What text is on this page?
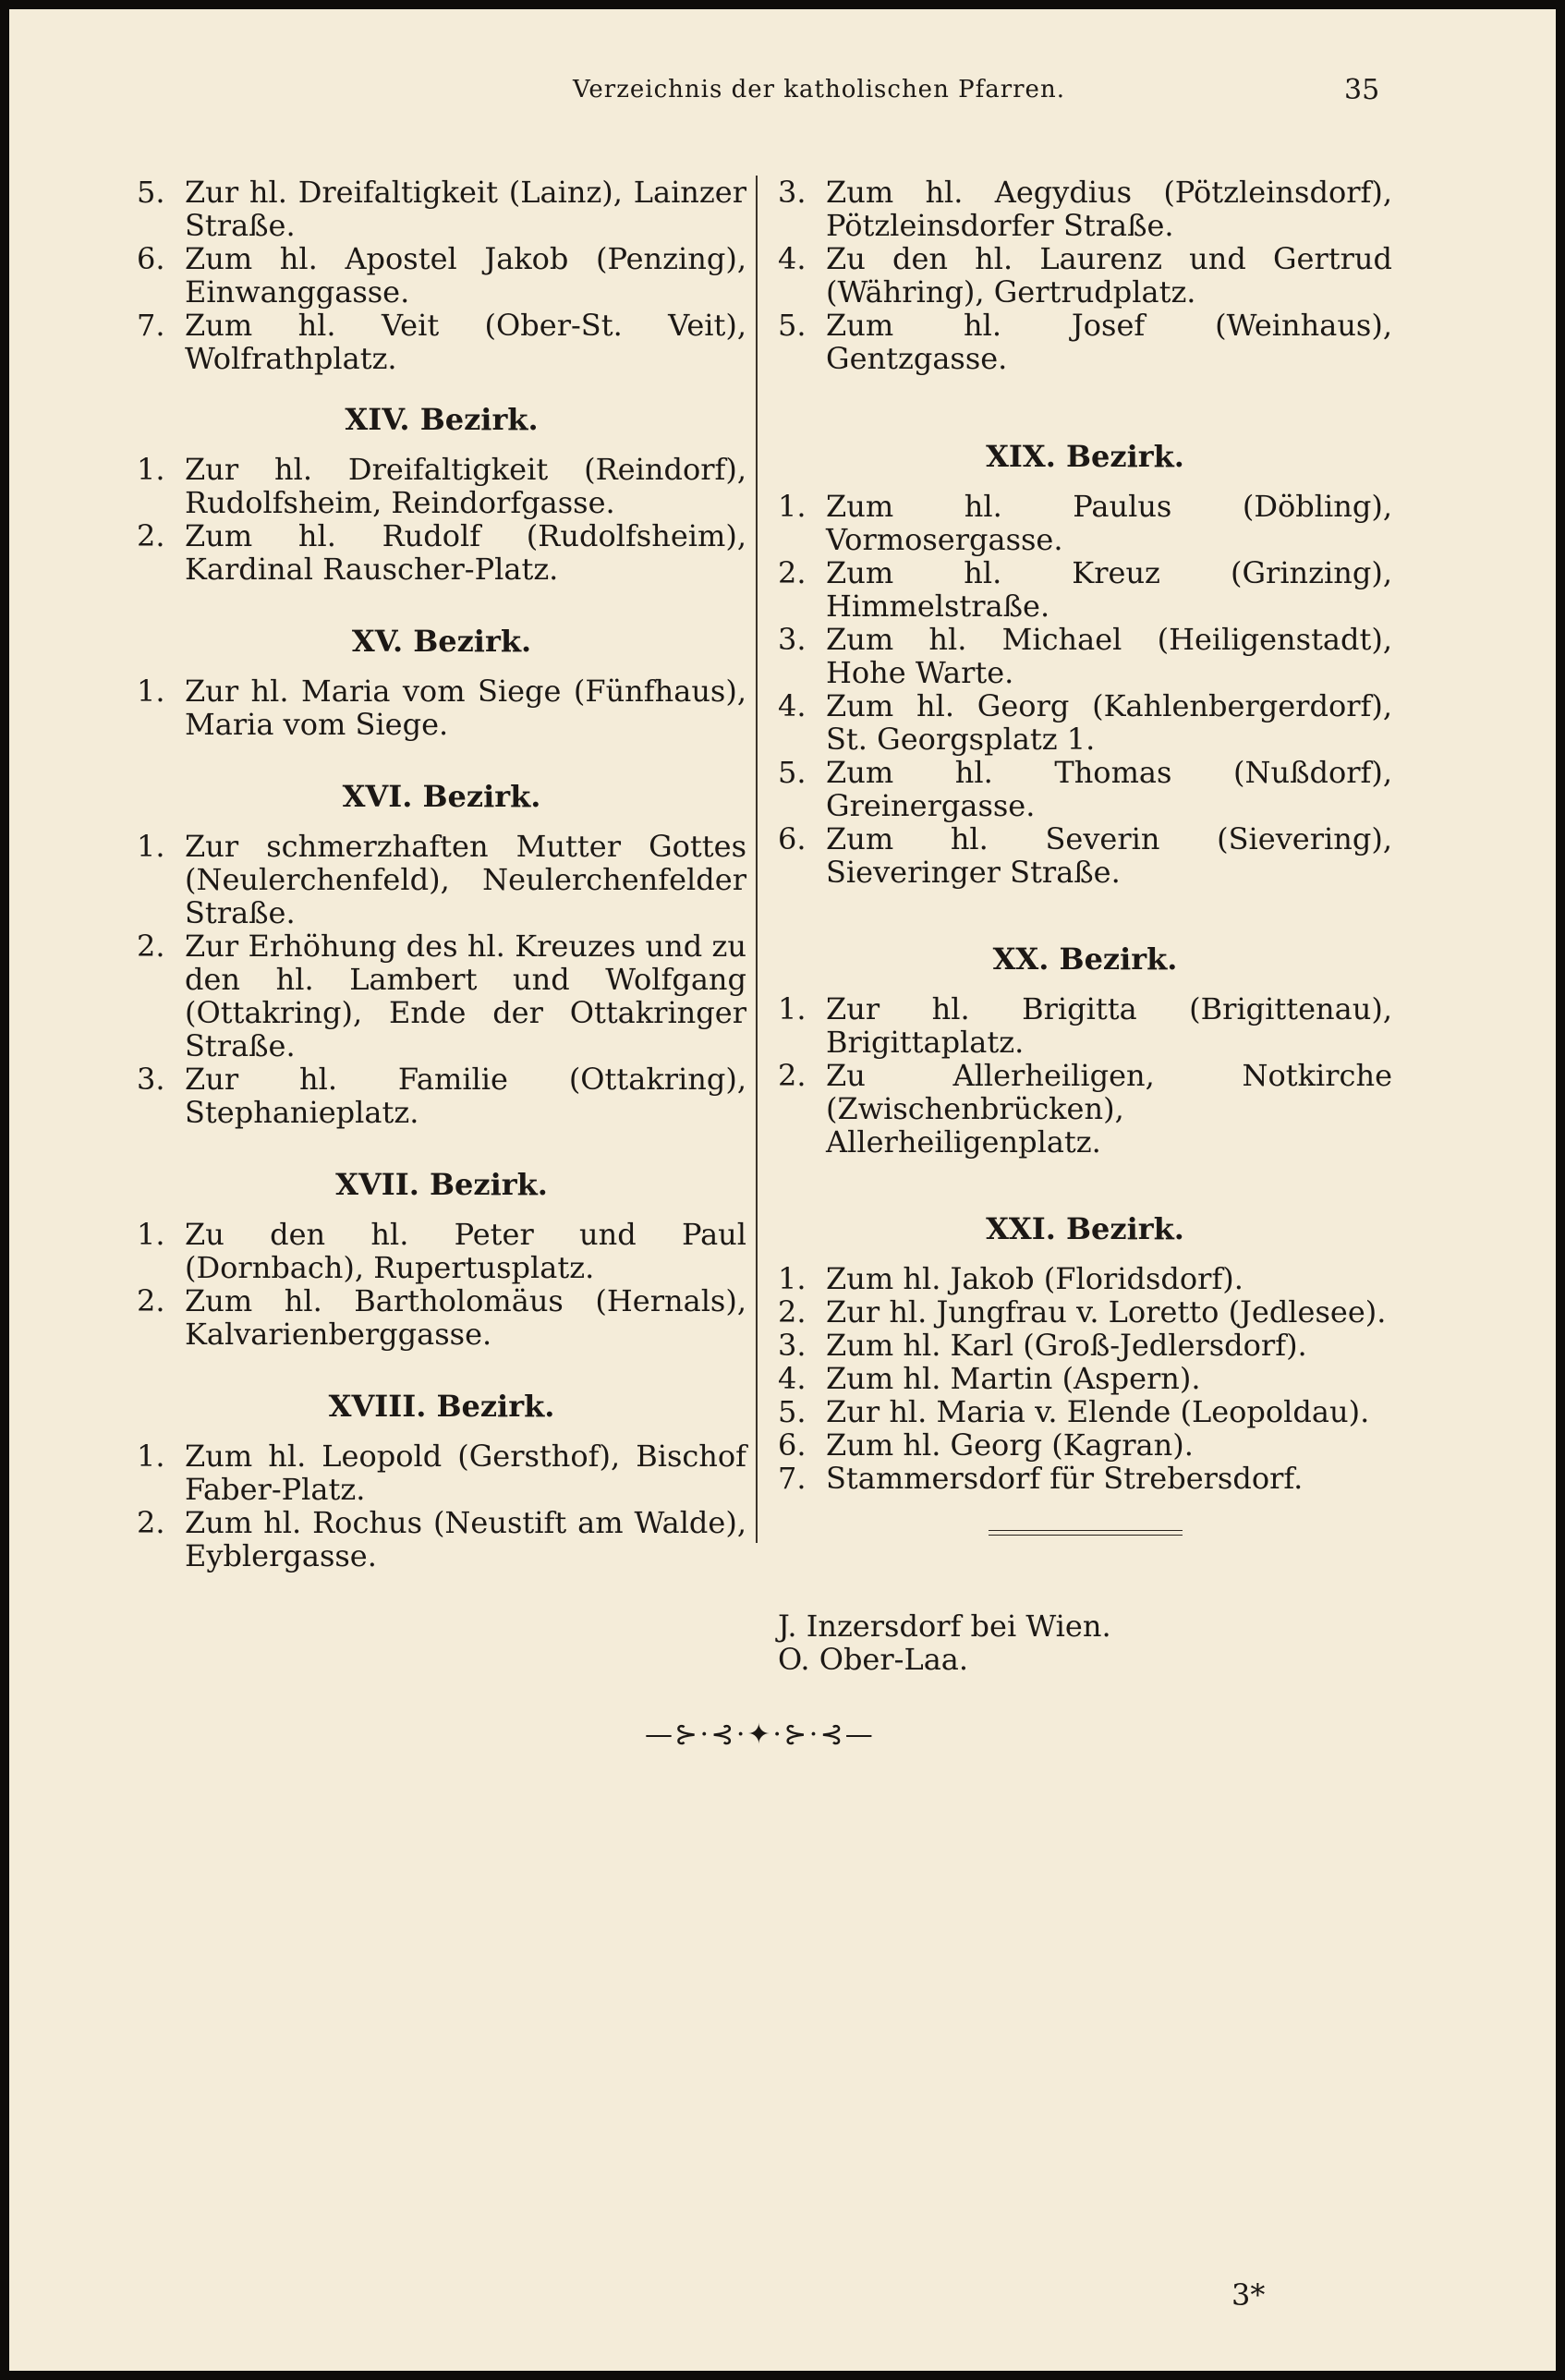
Verzeichnis der katholischen Pfarren.	35
5. Zur hl. Dreifaltigkeit (Lainz), Lainzer Straße.
6. Zum hl. Apostel Jakob (Penzing), Einwanggasse.
7. Zum hl. Veit (Ober-St. Veit), Wolfrathplatz.
XIV. Bezirk.
1. Zur hl. Dreifaltigkeit (Reindorf), Rudolfsheim, Reindorfgasse.
2. Zum hl. Rudolf (Rudolfsheim), Kardinal Rauscher-Platz.
XV. Bezirk.
1. Zur hl. Maria vom Siege (Fünfhaus), Maria vom Siege.
XVI. Bezirk.
1. Zur schmerzhaften Mutter Gottes (Neulerchenfeld), Neulerchenfelder Straße.
2. Zur Erhöhung des hl. Kreuzes und zu den hl. Lambert und Wolfgang (Ottakring), Ende der Ottakringer Straße.
3. Zur hl. Familie (Ottakring), Stephanieplatz.
XVII. Bezirk.
1. Zu den hl. Peter und Paul (Dornbach), Rupertusplatz.
2. Zum hl. Bartholomäus (Hernals), Kalvarienberggasse.
XVIII. Bezirk.
1. Zum hl. Leopold (Gersthof), Bischof Faber-Platz.
2. Zum hl. Rochus (Neustift am Walde), Eyblergasse.
3. Zum hl. Aegydius (Pötzleinsdorf), Pötzleinsdorfer Straße.
4. Zu den hl. Laurenz und Gertrud (Währing), Gertrudplatz.
5. Zum hl. Josef (Weinhaus), Gentzgasse.
XIX. Bezirk.
1. Zum hl. Paulus (Döbling), Vormosergasse.
2. Zum hl. Kreuz (Grinzing), Himmelstraße.
3. Zum hl. Michael (Heiligenstadt), Hohe Warte.
4. Zum hl. Georg (Kahlenbergerdorf), St. Georgsplatz 1.
5. Zum hl. Thomas (Nußdorf), Greinergasse.
6. Zum hl. Severin (Sievering), Sieveringer Straße.
XX. Bezirk.
1. Zur hl. Brigitta (Brigittenau), Brigittaplatz.
2. Zu Allerheiligen, Notkirche (Zwischenbrücken), Allerheiligenplatz.
XXI. Bezirk.
1. Zum hl. Jakob (Floridsdorf).
2. Zur hl. Jungfrau v. Loretto (Jedlesee).
3. Zum hl. Karl (Groß-Jedlersdorf).
4. Zum hl. Martin (Aspern).
5. Zur hl. Maria v. Elende (Leopoldau).
6. Zum hl. Georg (Kagran).
7. Stammersdorf für Strebersdorf.
J. Inzersdorf bei Wien.
O. Ober-Laa.
—⊱⋅⊰⋅✦⋅⊱⋅⊰—
3*
